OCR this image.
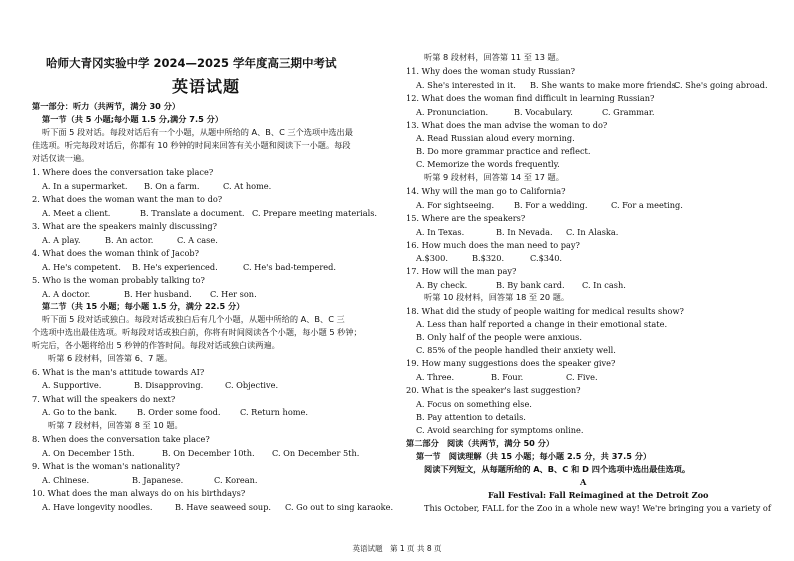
哈师大青冈实验中学 2024—2025 学年度高三期中考试
英语试题
第一部分：听力（共两节，满分 30 分）
第一节（共 5 小题;每小题 1.5 分,满分 7.5 分）
听下面 5 段对话。每段对话后有一个小题，从题中所给的 A、B、C 三个选项中选出最
佳选项。听完每段对话后，你都有 10 秒钟的时间来回答有关小题和阅读下一小题。每段
对话仅读一遍。
1. Where does the conversation take place?
A. In a supermarket. B. On a farm.	C. At home.
2. What does the woman want the man to do?
A. Meet a client.	B. Translate a document. C. Prepare meeting materials.
3. What are the speakers mainly discussing?
A. A play.	B. An actor.	C. A case.
4. What does the woman think of Jacob?
A. He's competent. B. He's experienced.	C. He's bad-tempered.
5. Who is the woman probably talking to?
A. A doctor.	B. Her husband. C. Her son.
第二节（共 15 小题；每小题 1.5 分，满分 22.5 分）
听下面 5 段对话或独白。每段对话或独白后有几个小题，从题中所给的 A、B、C 三
个选项中选出最佳选项。听每段对话或独白前，你将有时间阅读各个小题，每小题 5 秒钟；
听完后，各小题将给出 5 秒钟的作答时间。每段对话或独白读两遍。
听第 6 段材料，回答第 6、7 题。
6. What is the man's attitude towards AI?
A. Supportive.	B. Disapproving.	C. Objective.
7. What will the speakers do next?
A. Go to the bank. B. Order some food. C. Return home.
听第 7 段材料，回答第 8 至 10 题。
8. When does the conversation take place?
A. On December 15th.	B. On December 10th. C. On December 5th.
9. What is the woman's nationality?
A. Chinese.	B. Japanese.	C. Korean.
10. What does the man always do on his birthdays?
A. Have longevity noodles.	B. Have seaweed soup. C. Go out to sing karaoke.
听第 8 段材料，回答第 11 至 13 题。
11. Why does the woman study Russian?
A. She's interested in it. B. She wants to make more friends.
C. She's going abroad.
12. What does the woman find difficult in learning Russian?
A. Pronunciation.	B. Vocabulary.	C. Grammar.
13. What does the man advise the woman to do?
A. Read Russian aloud every morning.
B. Do more grammar practice and reflect.
C. Memorize the words frequently.
听第 9 段材料，回答第 14 至 17 题。
14. Why will the man go to California?
A. For sightseeing. B. For a wedding.	C. For a meeting.
15. Where are the speakers?
A. In Texas.	B. In Nevada. C. In Alaska.
16. How much does the man need to pay?
A.$300.	B.$320.	C.$340.
17. How will the man pay?
A. By check.	B. By bank card. C. In cash.
听第 10 段材料，回答第 18 至 20 题。
18. What did the study of people waiting for medical results show?
A. Less than half reported a change in their emotional state.
B. Only half of the people were anxious.
C. 85% of the people handled their anxiety well.
19. How many suggestions does the speaker give?
A. Three.	B. Four.	C. Five.
20. What is the speaker's last suggestion?
A. Focus on something else.
B. Pay attention to details.
C. Avoid searching for symptoms online.
第二部分　阅读（共两节，满分 50 分）
第一节　阅读理解（共 15 小题；每小题 2.5 分，共 37.5 分）
阅读下列短文，从每题所给的 A、B、C 和 D 四个选项中选出最佳选项。
A
Fall Festival: Fall Reimagined at the Detroit Zoo
This October, FALL for the Zoo in a whole new way! We're bringing you a variety of
英语试题　第 1 页 共 8 页
